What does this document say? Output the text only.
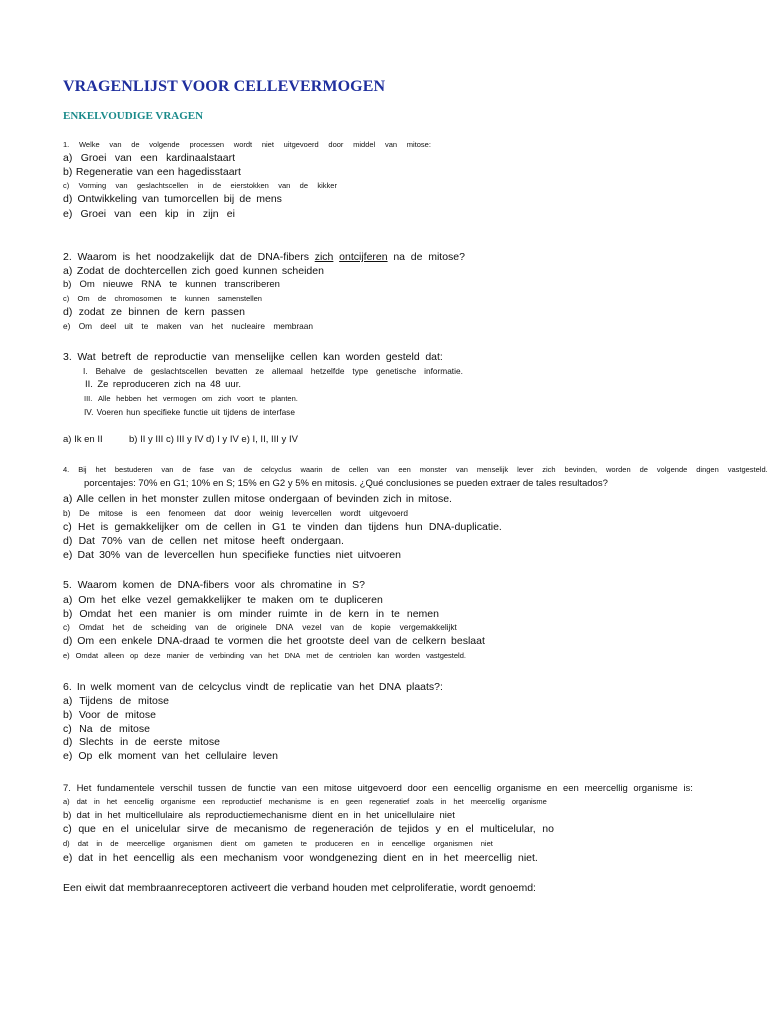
VRAGENLIJST VOOR CELLEVERMOGEN
ENKELVOUDIGE VRAGEN
1. Welke van de volgende processen wordt niet uitgevoerd door middel van mitose:
a) Groei van een kardinaalstaart
b) Regeneratie van een hagedisstaart
c) Vorming van geslachtscellen in de eierstokken van de kikker
d) Ontwikkeling van tumorcellen bij de mens
e) Groei van een kip in zijn ei
2. Waarom is het noodzakelijk dat de DNA-fibers zich ontcijferen na de mitose?
a) Zodat de dochtercellen zich goed kunnen scheiden
b) Om nieuwe RNA te kunnen transcriberen
c) Om de chromosomen te kunnen samenstellen
d) zodat ze binnen de kern passen
e) Om deel uit te maken van het nucleaire membraan
3. Wat betreft de reproductie van menselijke cellen kan worden gesteld dat:
I. Behalve de geslachtscellen bevatten ze allemaal hetzelfde type genetische informatie.
II. Ze reproduceren zich na 48 uur.
III. Alle hebben het vermogen om zich voort te planten.
IV. Voeren hun specifieke functie uit tijdens de interfase
a) Ik en II          b) II y III c) III y IV d) I y IV e) I, II, III y IV
4. Bij het bestuderen van de fase van de celcyclus waarin de cellen van een monster van menselijk lever zich bevinden, worden de volgende dingen vastgesteld.
porcentajes: 70% en G1; 10% en S; 15% en G2 y 5% en mitosis. ¿Qué conclusiones se pueden extraer de tales resultados?
a) Alle cellen in het monster zullen mitose ondergaan of bevinden zich in mitose.
b) De mitose is een fenomeen dat door weinig levercellen wordt uitgevoerd
c) Het is gemakkelijker om de cellen in G1 te vinden dan tijdens hun DNA-duplicatie.
d) Dat 70% van de cellen net mitose heeft ondergaan.
e) Dat 30% van de levercellen hun specifieke functies niet uitvoeren
5. Waarom komen de DNA-fibers voor als chromatine in S?
a) Om het elke vezel gemakkelijker te maken om te dupliceren
b) Omdat het een manier is om minder ruimte in de kern in te nemen
c) Omdat het de scheiding van de originele DNA vezel van de kopie vergemakkelijkt
d) Om een enkele DNA-draad te vormen die het grootste deel van de celkern beslaat
e) Omdat alleen op deze manier de verbinding van het DNA met de centriolen kan worden vastgesteld.
6. In welk moment van de celcyclus vindt de replicatie van het DNA plaats?:
a) Tijdens de mitose
b) Voor de mitose
c) Na de mitose
d) Slechts in de eerste mitose
e) Op elk moment van het cellulaire leven
7. Het fundamentele verschil tussen de functie van een mitose uitgevoerd door een eencellig organisme en een meercellig organisme is:
a) dat in het eencellig organisme een reproductief mechanisme is en geen regeneratief zoals in het meercellig organisme
b) dat in het multicellulaire als reproductiemechanisme dient en in het unicellulaire niet
c) que en el unicelular sirve de mecanismo de regeneración de tejidos y en el multicelular, no
d) dat in de meercellige organismen dient om gameten te produceren en in eencellige organismen niet
e) dat in het eencellig als een mechanism voor wondgenezing dient en in het meercellig niet.
Een eiwit dat membraanreceptoren activeert die verband houden met celproliferatie, wordt genoemd:
